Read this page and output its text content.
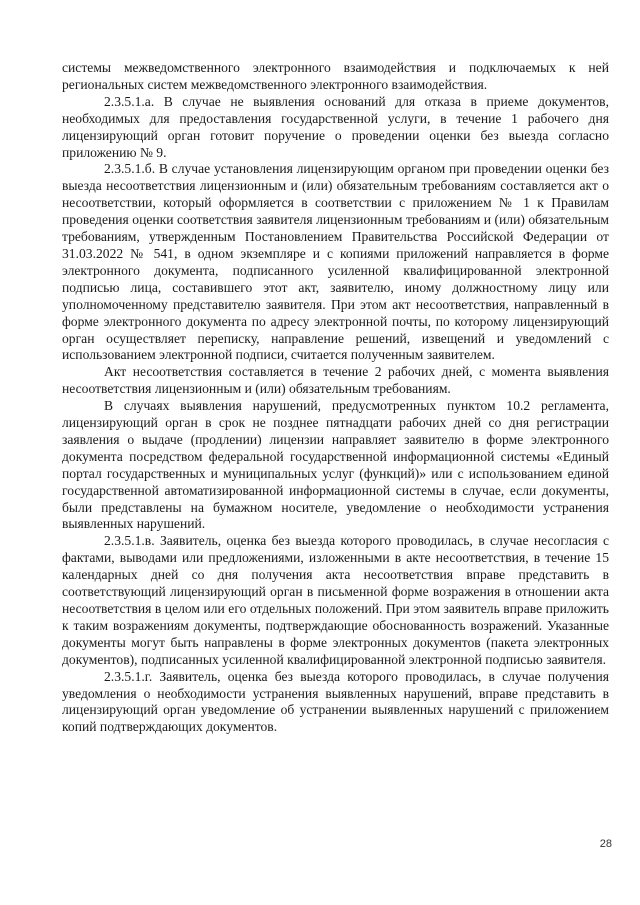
системы межведомственного электронного взаимодействия и подключаемых к ней региональных систем межведомственного электронного взаимодействия.

2.3.5.1.а. В случае не выявления оснований для отказа в приеме документов, необходимых для предоставления государственной услуги, в течение 1 рабочего дня лицензирующий орган готовит поручение о проведении оценки без выезда согласно приложению № 9.

2.3.5.1.б. В случае установления лицензирующим органом при проведении оценки без выезда несоответствия лицензионным и (или) обязательным требованиям составляется акт о несоответствии, который оформляется в соответствии с приложением № 1 к Правилам проведения оценки соответствия заявителя лицензионным требованиям и (или) обязательным требованиям, утвержденным Постановлением Правительства Российской Федерации от 31.03.2022 № 541, в одном экземпляре и с копиями приложений направляется в форме электронного документа, подписанного усиленной квалифицированной электронной подписью лица, составившего этот акт, заявителю, иному должностному лицу или уполномоченному представителю заявителя. При этом акт несоответствия, направленный в форме электронного документа по адресу электронной почты, по которому лицензирующий орган осуществляет переписку, направление решений, извещений и уведомлений с использованием электронной подписи, считается полученным заявителем.

Акт несоответствия составляется в течение 2 рабочих дней, с момента выявления несоответствия лицензионным и (или) обязательным требованиям.

В случаях выявления нарушений, предусмотренных пунктом 10.2 регламента, лицензирующий орган в срок не позднее пятнадцати рабочих дней со дня регистрации заявления о выдаче (продлении) лицензии направляет заявителю в форме электронного документа посредством федеральной государственной информационной системы «Единый портал государственных и муниципальных услуг (функций)» или с использованием единой государственной автоматизированной информационной системы в случае, если документы, были представлены на бумажном носителе, уведомление о необходимости устранения выявленных нарушений.

2.3.5.1.в. Заявитель, оценка без выезда которого проводилась, в случае несогласия с фактами, выводами или предложениями, изложенными в акте несоответствия, в течение 15 календарных дней со дня получения акта несоответствия вправе представить в соответствующий лицензирующий орган в письменной форме возражения в отношении акта несоответствия в целом или его отдельных положений. При этом заявитель вправе приложить к таким возражениям документы, подтверждающие обоснованность возражений. Указанные документы могут быть направлены в форме электронных документов (пакета электронных документов), подписанных усиленной квалифицированной электронной подписью заявителя.

2.3.5.1.г. Заявитель, оценка без выезда которого проводилась, в случае получения уведомления о необходимости устранения выявленных нарушений, вправе представить в лицензирующий орган уведомление об устранении выявленных нарушений с приложением копий подтверждающих документов.

28
